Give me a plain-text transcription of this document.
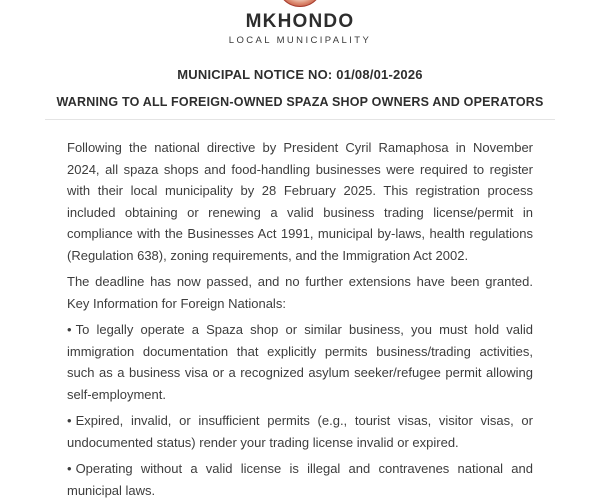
MKHONDO
LOCAL MUNICIPALITY
MUNICIPAL NOTICE NO: 01/08/01-2026
WARNING TO ALL FOREIGN-OWNED SPAZA SHOP OWNERS AND OPERATORS

Following the national directive by President Cyril Ramaphosa in November 2024, all spaza shops and food-handling businesses were required to register with their local municipality by 28 February 2025. This registration process included obtaining or renewing a valid business trading license/permit in compliance with the Businesses Act 1991, municipal by-laws, health regulations (Regulation 638), zoning requirements, and the Immigration Act 2002.

The deadline has now passed, and no further extensions have been granted. Key Information for Foreign Nationals:

• To legally operate a Spaza shop or similar business, you must hold valid immigration documentation that explicitly permits business/trading activities, such as a business visa or a recognized asylum seeker/refugee permit allowing self-employment.

• Expired, invalid, or insufficient permits (e.g., tourist visas, visitor visas, or undocumented status) render your trading license invalid or expired.

• Operating without a valid license is illegal and contravenes national and municipal laws.
